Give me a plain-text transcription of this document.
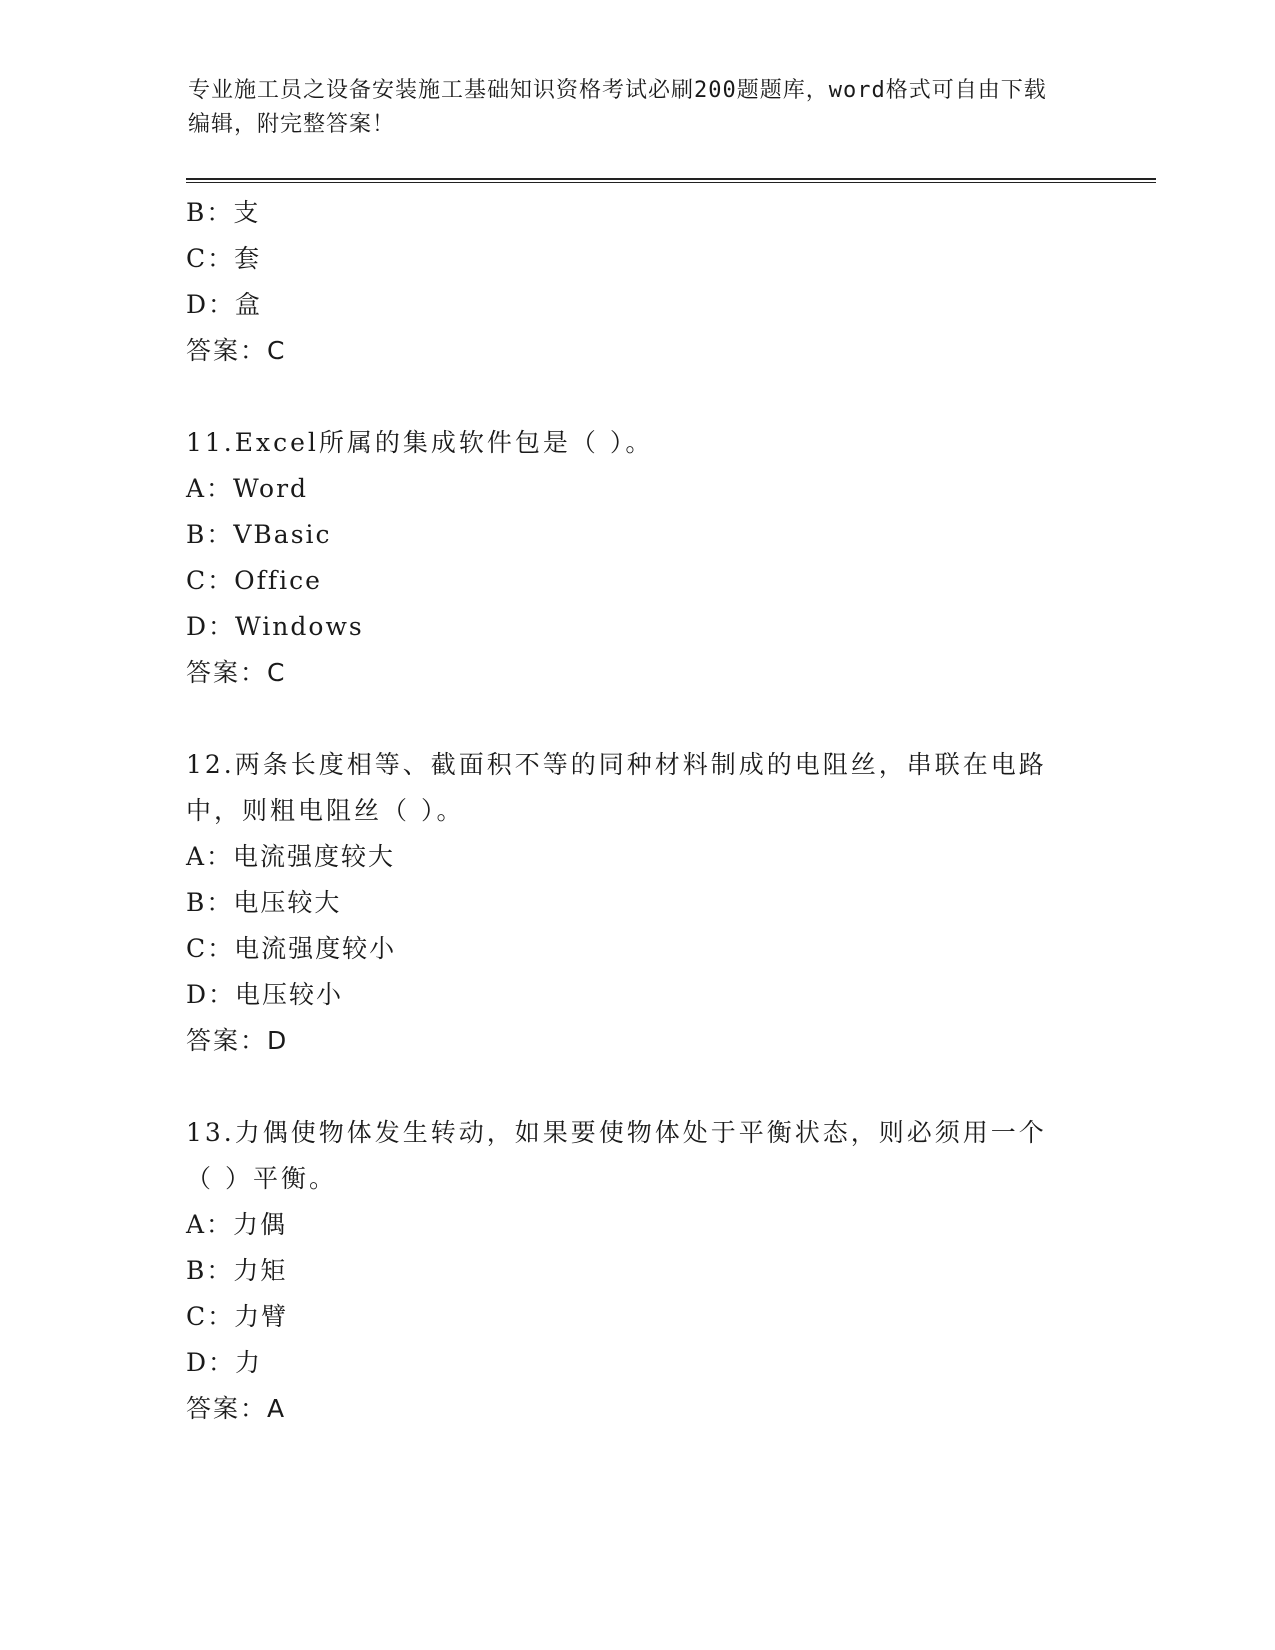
专业施工员之设备安装施工基础知识资格考试必刷200题题库，word格式可自由下载编辑，附完整答案！
B：支
C：套
D：盒
答案：C
11.Excel所属的集成软件包是（ ）。
A：Word
B：VBasic
C：Office
D：Windows
答案：C
12.两条长度相等、截面积不等的同种材料制成的电阻丝，串联在电路中，则粗电阻丝（ ）。
A：电流强度较大
B：电压较大
C：电流强度较小
D：电压较小
答案：D
13.力偶使物体发生转动，如果要使物体处于平衡状态，则必须用一个（ ）平衡。
A：力偶
B：力矩
C：力臂
D：力
答案：A
